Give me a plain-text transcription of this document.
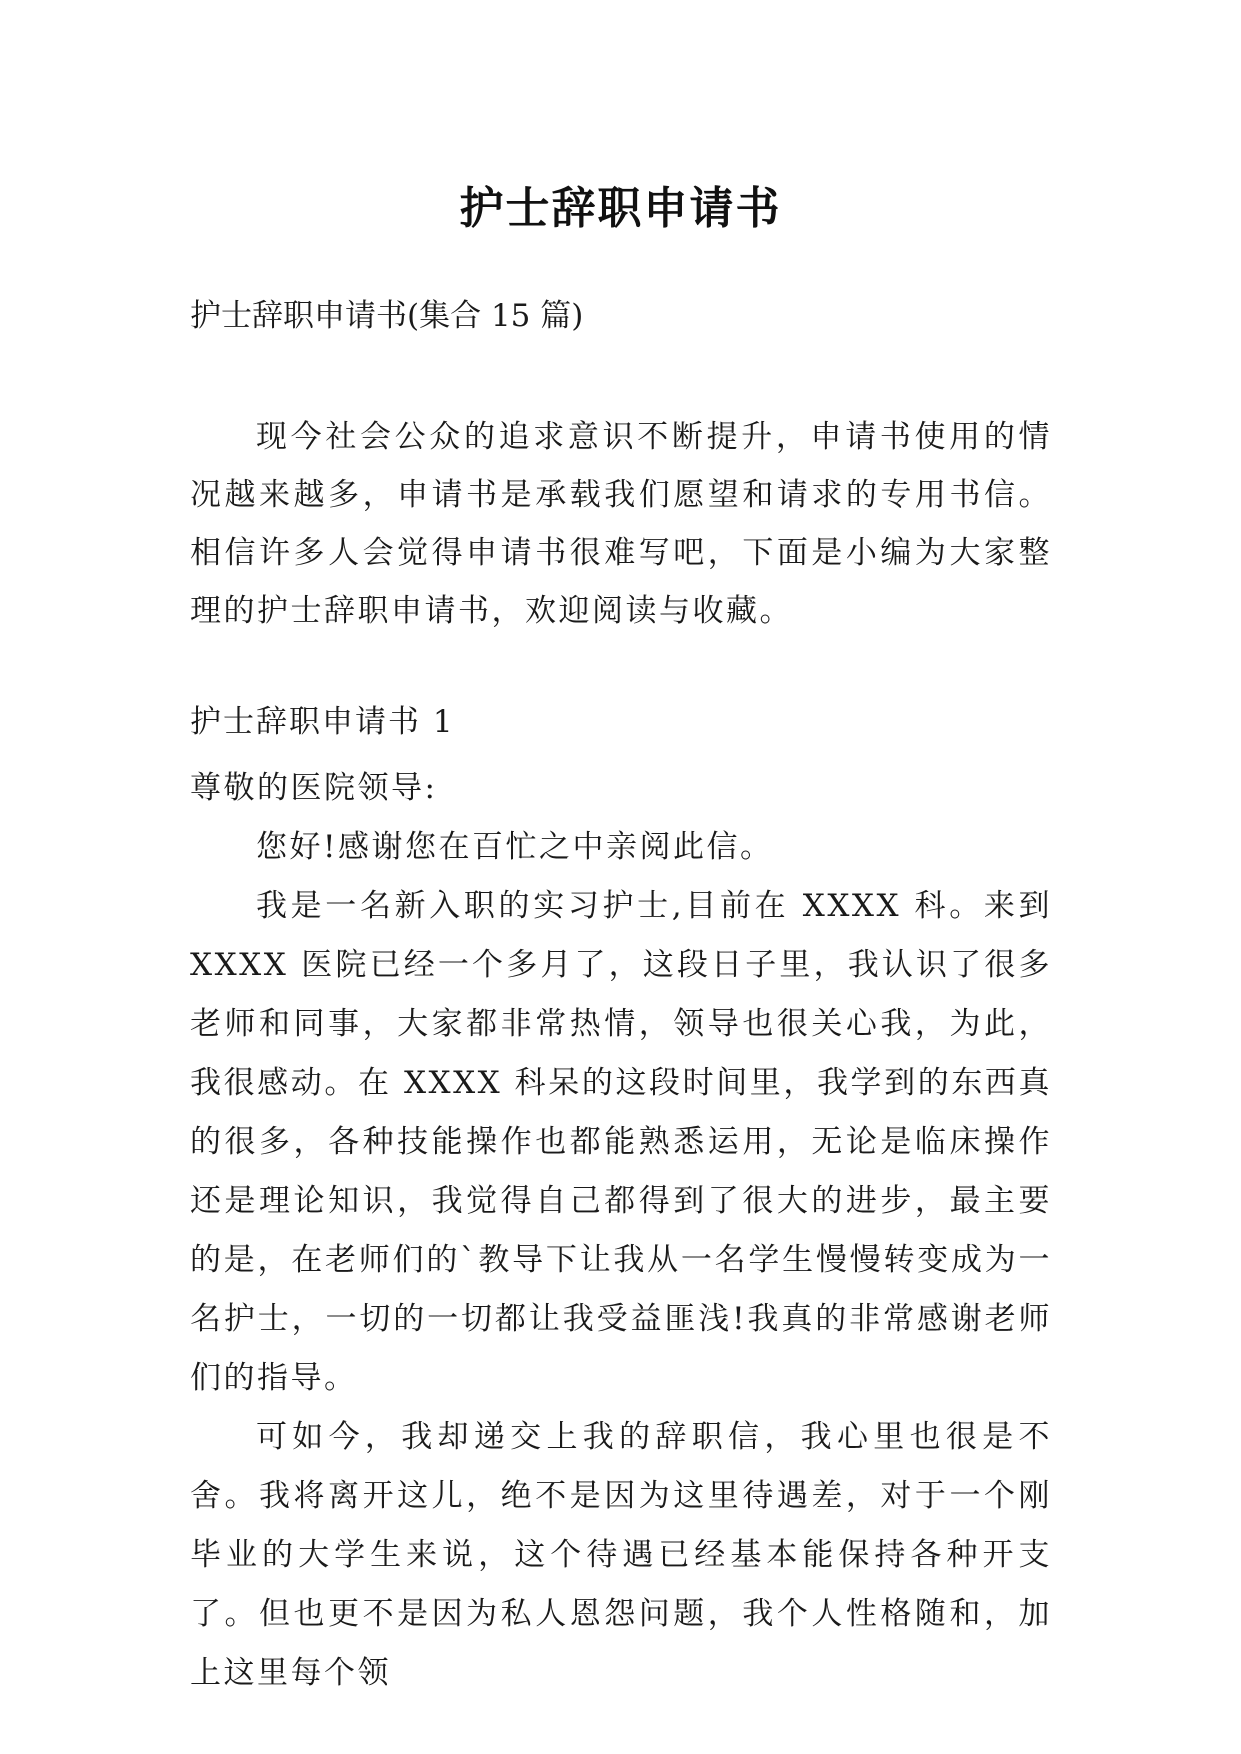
护士辞职申请书
护士辞职申请书(集合 15 篇)

现今社会公众的追求意识不断提升，申请书使用的情况越来越多，申请书是承载我们愿望和请求的专用书信。相信许多人会觉得申请书很难写吧，下面是小编为大家整理的护士辞职申请书，欢迎阅读与收藏。

护士辞职申请书 1

尊敬的医院领导:

您好!感谢您在百忙之中亲阅此信。

我是一名新入职的实习护士,目前在 XXXX 科。来到 XXXX 医院已经一个多月了，这段日子里，我认识了很多老师和同事，大家都非常热情，领导也很关心我，为此，我很感动。在 XXXX 科呆的这段时间里，我学到的东西真的很多，各种技能操作也都能熟悉运用，无论是临床操作还是理论知识，我觉得自己都得到了很大的进步，最主要的是，在老师们的`教导下让我从一名学生慢慢转变成为一名护士，一切的一切都让我受益匪浅!我真的非常感谢老师们的指导。

可如今，我却递交上我的辞职信，我心里也很是不舍。我将离开这儿，绝不是因为这里待遇差，对于一个刚毕业的大学生来说，这个待遇已经基本能保持各种开支了。但也更不是因为私人恩怨问题，我个人性格随和，加上这里每个领
